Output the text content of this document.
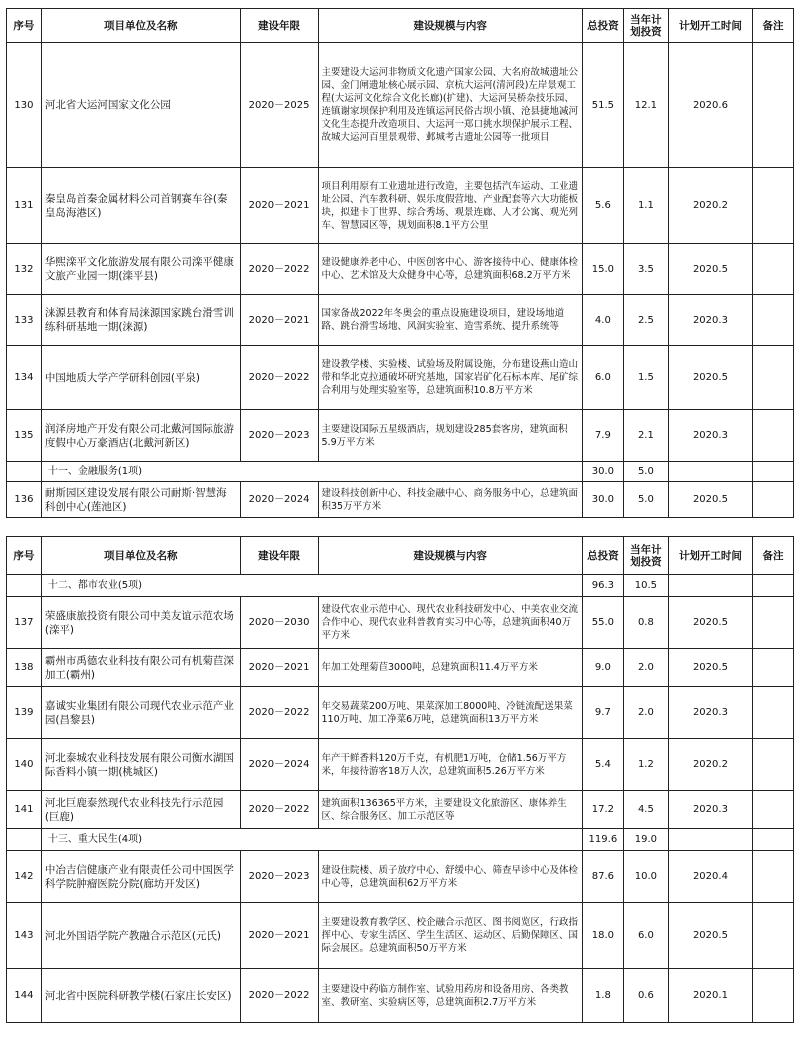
序号	项目单位及名称	建设年限	建设规模与内容	总投资	当年计划投资	计划开工时间	备注
130	河北省大运河国家文化公园	2020－2025	主要建设大运河非物质文化遗产国家公园、大名府故城遗址公园、金门闸遗址核心展示园、京杭大运河(清河段)左岸景观工程(大运河文化综合文化长廊)(扩建)、大运河吴桥杂技乐园、连镇谢家坝保护利用及连镇运河民俗古坝小镇、沧县捷地减河文化生态提升改造项目、大运河一郑口挑水坝保护展示工程、故城大运河百里景观带、邺城考古遗址公园等一批项目	51.5	12.1	2020.6	
131	秦皇岛首秦金属材料公司首钢赛车谷(秦皇岛海港区)	2020－2021	项目利用原有工业遗址进行改造，主要包括汽车运动、工业遗址公园、汽车教科研、娱乐度假营地、产业配套等六大功能板块，拟建卡丁世界、综合秀场、观景连廊、人才公寓、观光列车、智慧园区等，规划面积8.1平方公里	5.6	1.1	2020.2	
132	华熙滦平文化旅游发展有限公司滦平健康文旅产业园一期(滦平县)	2020－2022	建设健康养老中心、中医创客中心、游客接待中心、健康体检中心、艺术馆及大众健身中心等，总建筑面积68.2万平方米	15.0	3.5	2020.5	
133	涞源县教育和体育局涞源国家跳台滑雪训练科研基地一期(涞源)	2020－2021	国家备战2022年冬奥会的重点设施建设项目，建设场地道路、跳台滑雪场地、风洞实验室、造雪系统、提升系统等	4.0	2.5	2020.3	
134	中国地质大学产学研科创园(平泉)	2020－2022	建设教学楼、实验楼、试验场及附属设施，分布建设燕山造山带和华北克拉通破坏研究基地，国家岩矿化石标本库、尾矿综合利用与处理实验室等，总建筑面积10.8万平方米	6.0	1.5	2020.5	
135	润泽房地产开发有限公司北戴河国际旅游度假中心万豪酒店(北戴河新区)	2020－2023	主要建设国际五星级酒店，规划建设285套客房，建筑面积5.9万平方米	7.9	2.1	2020.3	
	十一、金融服务(1项)			30.0	5.0		
136	耐斯园区建设发展有限公司耐斯·智慧海科创中心(莲池区)	2020－2024	建设科技创新中心、科技金融中心、商务服务中心，总建筑面积35万平方米	30.0	5.0	2020.5	
序号	项目单位及名称	建设年限	建设规模与内容	总投资	当年计划投资	计划开工时间	备注
	十二、都市农业(5项)			96.3	10.5		
137	荣盛康旅投资有限公司中美友谊示范农场(滦平)	2020－2030	建设代农业示范中心、现代农业科技研发中心、中美农业交流合作中心、现代农业科普教育实习中心等，总建筑面积40万平方米	55.0	0.8	2020.5	
138	霸州市禹德农业科技有限公司有机菊苣深加工(霸州)	2020－2021	年加工处理菊苣3000吨，总建筑面积11.4万平方米	9.0	2.0	2020.5	
139	嘉诚实业集团有限公司现代农业示范产业园(昌黎县)	2020－2022	年交易蔬菜200万吨、果菜深加工8000吨、冷链流配送果菜110万吨、加工净菜6万吨，总建筑面积13万平方米	9.7	2.0	2020.3	
140	河北泰城农业科技发展有限公司衡水湖国际香料小镇一期(桃城区)	2020－2024	年产干鲜香料120万千克，有机肥1万吨，仓储1.56万平方米，年接待游客18万人次，总建筑面积5.26万平方米	5.4	1.2	2020.2	
141	河北巨鹿泰然现代农业科技先行示范园(巨鹿)	2020－2022	建筑面积136365平方米，主要建设文化旅游区、康体养生区、综合服务区、加工示范区等	17.2	4.5	2020.3	
	十三、重大民生(4项)			119.6	19.0		
142	中冶吉信健康产业有限责任公司中国医学科学院肿瘤医院分院(廊坊开发区)	2020－2023	建设住院楼、质子放疗中心、舒缓中心、筛查早诊中心及体检中心等，总建筑面积62万平方米	87.6	10.0	2020.4	
143	河北外国语学院产教融合示范区(元氏)	2020－2021	主要建设教育教学区、校企融合示范区、图书阅览区，行政指挥中心、专家生活区、学生生活区、运动区、后勤保障区、国际会展区。总建筑面积50万平方米	18.0	6.0	2020.5	
144	河北省中医院科研教学楼(石家庄长安区)	2020－2022	主要建设中药临方制作室、试验用药房和设备用房、各类教室、教研室、实验病区等，总建筑面积2.7万平方米	1.8	0.6	2020.1	
